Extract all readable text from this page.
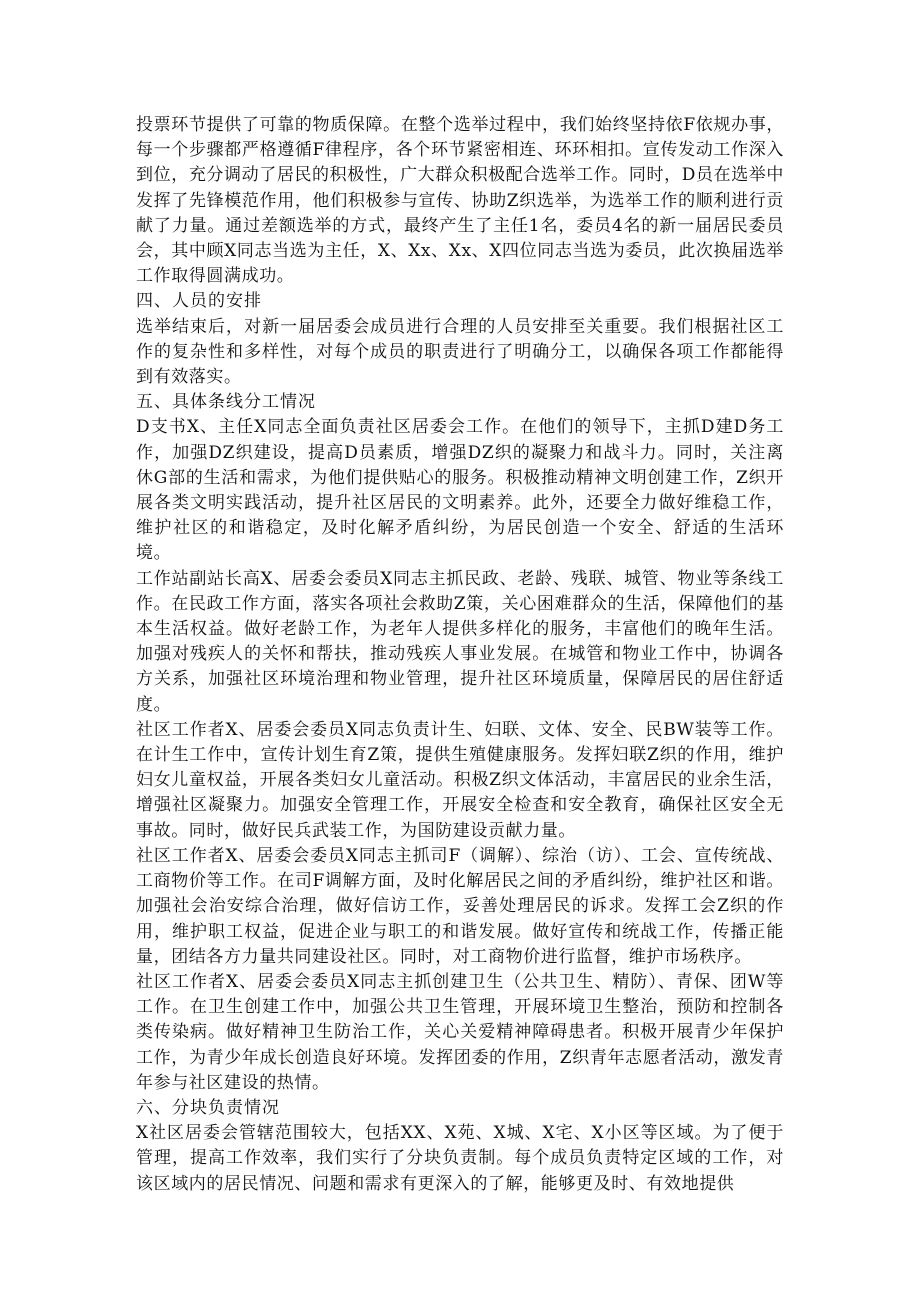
投票环节提供了可靠的物质保障。在整个选举过程中，我们始终坚持依F依规办事，每一个步骤都严格遵循F律程序，各个环节紧密相连、环环相扣。宣传发动工作深入到位，充分调动了居民的积极性，广大群众积极配合选举工作。同时，D员在选举中发挥了先锋模范作用，他们积极参与宣传、协助Z织选举，为选举工作的顺利进行贡献了力量。通过差额选举的方式，最终产生了主任1名，委员4名的新一届居民委员会，其中顾X同志当选为主任，X、Xx、Xx、X四位同志当选为委员，此次换届选举工作取得圆满成功。

四、人员的安排

选举结束后，对新一届居委会成员进行合理的人员安排至关重要。我们根据社区工作的复杂性和多样性，对每个成员的职责进行了明确分工，以确保各项工作都能得到有效落实。

五、具体条线分工情况

D支书X、主任X同志全面负责社区居委会工作。在他们的领导下，主抓D建D务工作，加强DZ织建设，提高D员素质，增强DZ织的凝聚力和战斗力。同时，关注离休G部的生活和需求，为他们提供贴心的服务。积极推动精神文明创建工作，Z织开展各类文明实践活动，提升社区居民的文明素养。此外，还要全力做好维稳工作，维护社区的和谐稳定，及时化解矛盾纠纷，为居民创造一个安全、舒适的生活环境。

工作站副站长高X、居委会委员X同志主抓民政、老龄、残联、城管、物业等条线工作。在民政工作方面，落实各项社会救助Z策，关心困难群众的生活，保障他们的基本生活权益。做好老龄工作，为老年人提供多样化的服务，丰富他们的晚年生活。加强对残疾人的关怀和帮扶，推动残疾人事业发展。在城管和物业工作中，协调各方关系，加强社区环境治理和物业管理，提升社区环境质量，保障居民的居住舒适度。

社区工作者X、居委会委员X同志负责计生、妇联、文体、安全、民BW装等工作。在计生工作中，宣传计划生育Z策，提供生殖健康服务。发挥妇联Z织的作用，维护妇女儿童权益，开展各类妇女儿童活动。积极Z织文体活动，丰富居民的业余生活，增强社区凝聚力。加强安全管理工作，开展安全检查和安全教育，确保社区安全无事故。同时，做好民兵武装工作，为国防建设贡献力量。

社区工作者X、居委会委员X同志主抓司F（调解）、综治（访）、工会、宣传统战、工商物价等工作。在司F调解方面，及时化解居民之间的矛盾纠纷，维护社区和谐。加强社会治安综合治理，做好信访工作，妥善处理居民的诉求。发挥工会Z织的作用，维护职工权益，促进企业与职工的和谐发展。做好宣传和统战工作，传播正能量，团结各方力量共同建设社区。同时，对工商物价进行监督，维护市场秩序。

社区工作者X、居委会委员X同志主抓创建卫生（公共卫生、精防）、青保、团W等工作。在卫生创建工作中，加强公共卫生管理，开展环境卫生整治，预防和控制各类传染病。做好精神卫生防治工作，关心关爱精神障碍患者。积极开展青少年保护工作，为青少年成长创造良好环境。发挥团委的作用，Z织青年志愿者活动，激发青年参与社区建设的热情。

六、分块负责情况

X社区居委会管辖范围较大，包括XX、X苑、X城、X宅、X小区等区域。为了便于管理，提高工作效率，我们实行了分块负责制。每个成员负责特定区域的工作，对该区域内的居民情况、问题和需求有更深入的了解，能够更及时、有效地提供
